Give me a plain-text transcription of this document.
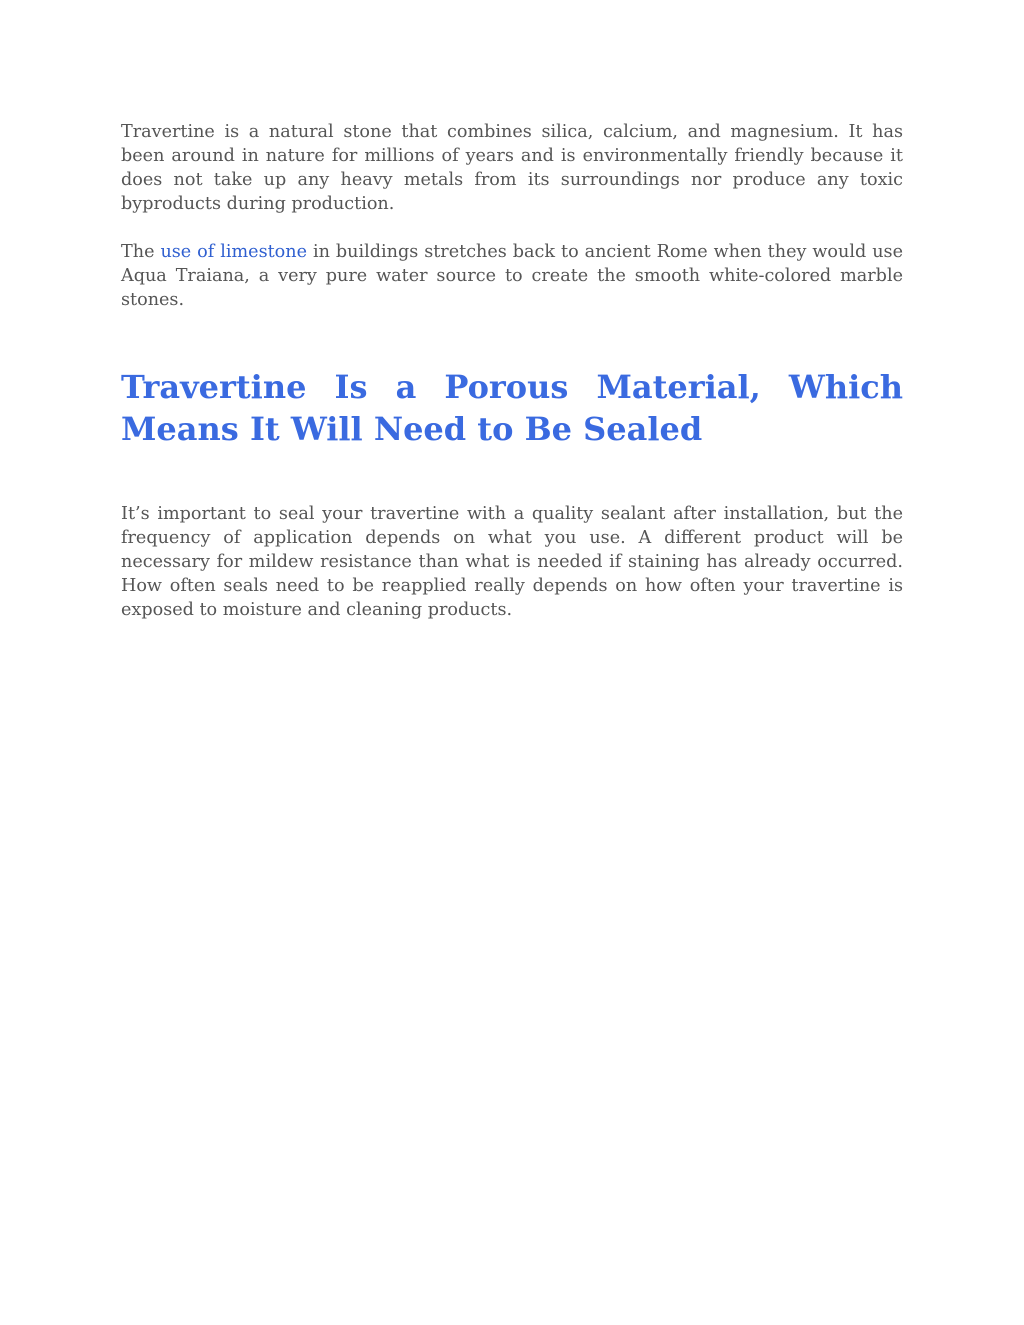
Travertine is a natural stone that combines silica, calcium, and magnesium. It has been around in nature for millions of years and is environmentally friendly because it does not take up any heavy metals from its surroundings nor produce any toxic byproducts during production.

The use of limestone in buildings stretches back to ancient Rome when they would use Aqua Traiana, a very pure water source to create the smooth white-colored marble stones.

Travertine Is a Porous Material, Which
Means It Will Need to Be Sealed

It’s important to seal your travertine with a quality sealant after installation, but the frequency of application depends on what you use. A different product will be necessary for mildew resistance than what is needed if staining has already occurred. How often seals need to be reapplied really depends on how often your travertine is exposed to moisture and cleaning products.
